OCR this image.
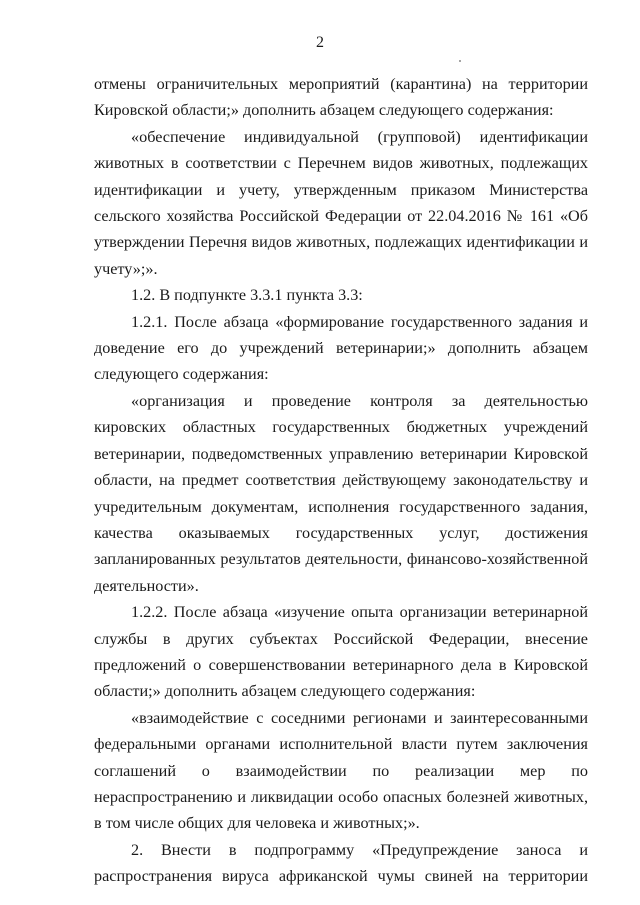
2

отмены ограничительных мероприятий (карантина) на территории Кировской области;» дополнить абзацем следующего содержания:

«обеспечение индивидуальной (групповой) идентификации животных в соответствии с Перечнем видов животных, подлежащих идентификации и учету, утвержденным приказом Министерства сельского хозяйства Российской Федерации от 22.04.2016 № 161 «Об утверждении Перечня видов животных, подлежащих идентификации и учету»;».

1.2. В подпункте 3.3.1 пункта 3.3:

1.2.1. После абзаца «формирование государственного задания и доведение его до учреждений ветеринарии;» дополнить абзацем следующего содержания:

«организация и проведение контроля за деятельностью кировских областных государственных бюджетных учреждений ветеринарии, подведомственных управлению ветеринарии Кировской области, на предмет соответствия действующему законодательству и учредительным документам, исполнения государственного задания, качества оказываемых государственных услуг, достижения запланированных результатов деятельности, финансово-хозяйственной деятельности».

1.2.2. После абзаца «изучение опыта организации ветеринарной службы в других субъектах Российской Федерации, внесение предложений о совершенствовании ветеринарного дела в Кировской области;» дополнить абзацем следующего содержания:

«взаимодействие с соседними регионами и заинтересованными федеральными органами исполнительной власти путем заключения соглашений о взаимодействии по реализации мер по нераспространению и ликвидации особо опасных болезней животных, в том числе общих для человека и животных;».

2. Внести в подпрограмму «Предупреждение заноса и распространения вируса африканской чумы свиней на территории
